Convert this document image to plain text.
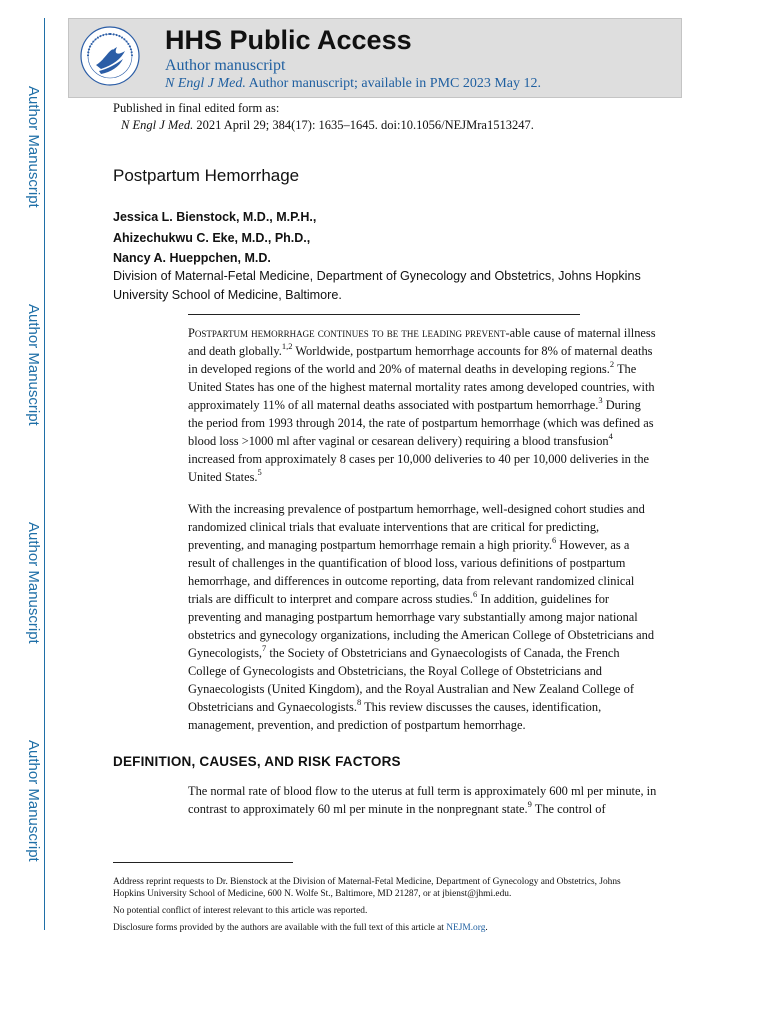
Author Manuscript
Author Manuscript
Author Manuscript
Author Manuscript
HHS Public Access
Author manuscript
N Engl J Med. Author manuscript; available in PMC 2023 May 12.
Published in final edited form as:
N Engl J Med. 2021 April 29; 384(17): 1635–1645. doi:10.1056/NEJMra1513247.
Postpartum Hemorrhage
Jessica L. Bienstock, M.D., M.P.H.,
Ahizechukwu C. Eke, M.D., Ph.D.,
Nancy A. Hueppchen, M.D.
Division of Maternal-Fetal Medicine, Department of Gynecology and Obstetrics, Johns Hopkins University School of Medicine, Baltimore.

Postpartum hemorrhage continues to be the leading prevent-able cause of maternal illness and death globally.$^{1,2}$ Worldwide, postpartum hemorrhage accounts for 8% of maternal deaths in developed regions of the world and 20% of maternal deaths in developing regions.$^2$ The United States has one of the highest maternal mortality rates among developed countries, with approximately 11% of all maternal deaths associated with postpartum hemorrhage.$^3$ During the period from 1993 through 2014, the rate of postpartum hemorrhage (which was defined as blood loss >1000 ml after vaginal or cesarean delivery) requiring a blood transfusion$^4$ increased from approximately 8 cases per 10,000 deliveries to 40 per 10,000 deliveries in the United States.$^5$

With the increasing prevalence of postpartum hemorrhage, well-designed cohort studies and randomized clinical trials that evaluate interventions that are critical for predicting, preventing, and managing postpartum hemorrhage remain a high priority.$^6$ However, as a result of challenges in the quantification of blood loss, various definitions of postpartum hemorrhage, and differences in outcome reporting, data from relevant randomized clinical trials are difficult to interpret and compare across studies.$^6$ In addition, guidelines for preventing and managing postpartum hemorrhage vary substantially among major national obstetrics and gynecology organizations, including the American College of Obstetricians and Gynecologists,$^7$ the Society of Obstetricians and Gynaecologists of Canada, the French College of Gynecologists and Obstetricians, the Royal College of Obstetricians and Gynaecologists (United Kingdom), and the Royal Australian and New Zealand College of Obstetricians and Gynaecologists.$^8$ This review discusses the causes, identification, management, prevention, and prediction of postpartum hemorrhage.

DEFINITION, CAUSES, AND RISK FACTORS

The normal rate of blood flow to the uterus at full term is approximately 600 ml per minute, in contrast to approximately 60 ml per minute in the nonpregnant state.$^9$ The control of

Address reprint requests to Dr. Bienstock at the Division of Maternal-Fetal Medicine, Department of Gynecology and Obstetrics, Johns Hopkins University School of Medicine, 600 N. Wolfe St., Baltimore, MD 21287, or at jbienst@jhmi.edu.

No potential conflict of interest relevant to this article was reported.

Disclosure forms provided by the authors are available with the full text of this article at NEJM.org.
